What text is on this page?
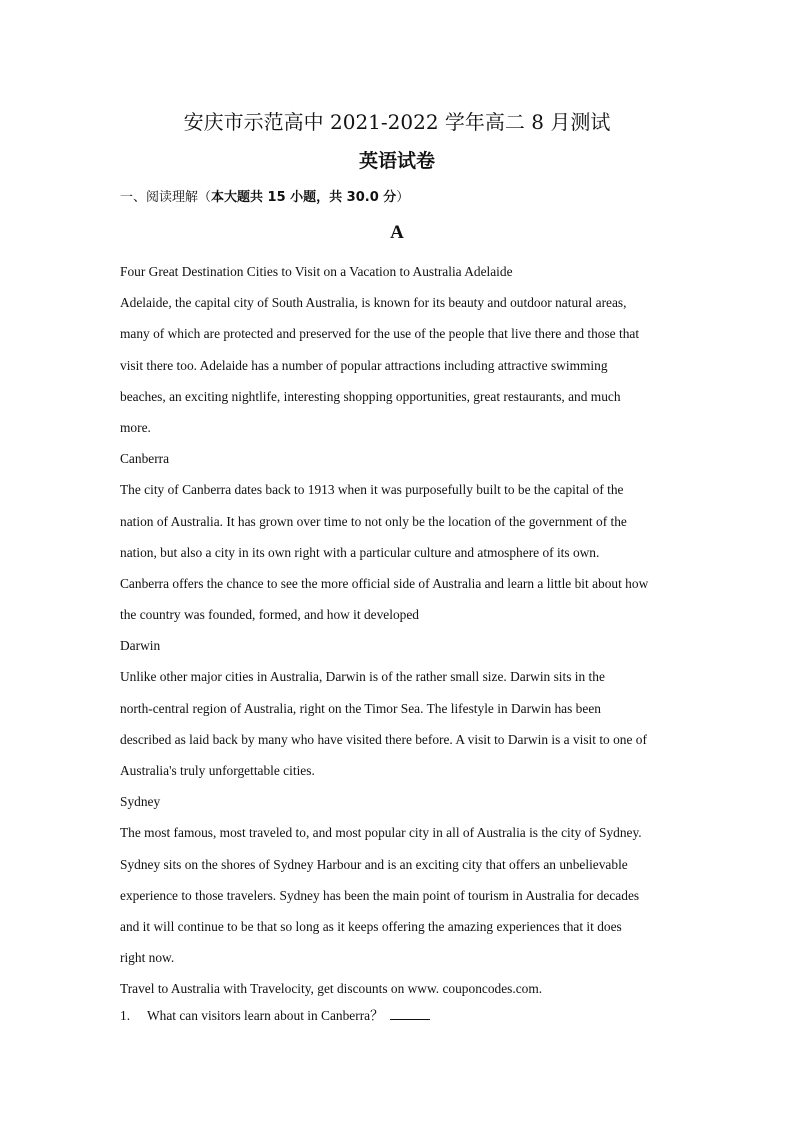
安庆市示范高中 2021-2022 学年高二 8 月测试
英语试卷
一、阅读理解（本大题共 15 小题，共 30.0 分）
A
Four Great Destination Cities to Visit on a Vacation to Australia Adelaide
Adelaide, the capital city of South Australia, is known for its beauty and outdoor natural areas,
many of which are protected and preserved for the use of the people that live there and those that
visit there too. Adelaide has a number of popular attractions including attractive swimming
beaches, an exciting nightlife, interesting shopping opportunities, great restaurants, and much
more.
Canberra
The city of Canberra dates back to 1913 when it was purposefully built to be the capital of the
nation of Australia. It has grown over time to not only be the location of the government of the
nation, but also a city in its own right with a particular culture and atmosphere of its own.
Canberra offers the chance to see the more official side of Australia and learn a little bit about how
the country was founded, formed, and how it developed
Darwin
Unlike other major cities in Australia, Darwin is of the rather small size. Darwin sits in the
north-central region of Australia, right on the Timor Sea. The lifestyle in Darwin has been
described as laid back by many who have visited there before. A visit to Darwin is a visit to one of
Australia's truly unforgettable cities.
Sydney
The most famous, most traveled to, and most popular city in all of Australia is the city of Sydney.
Sydney sits on the shores of Sydney Harbour and is an exciting city that offers an unbelievable
experience to those travelers. Sydney has been the main point of tourism in Australia for decades
and it will continue to be that so long as it keeps offering the amazing experiences that it does
right now.
Travel to Australia with Travelocity, get discounts on www. couponcodes.com.
1. What can visitors learn about in Canberra？
